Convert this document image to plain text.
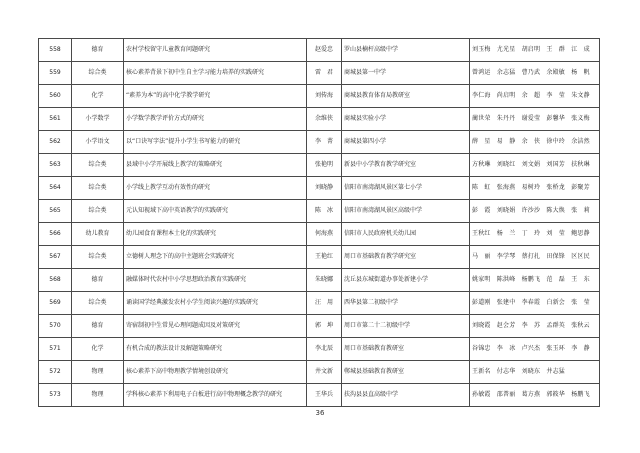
558	德育	农村学校留守儿童教育问题研究	赵爱忠	罗山县楠杆高级中学	刘玉梅　尤光星　胡启明　王　群　江　成
559	综合类	核心素养背景下初中生自主学习能力培养的实践研究	雷　君	商城县第一中学	曾鸿运　余志猛　曹乃武　余殿敏　杨　帆
560	化学	“素养为本”的高中化学教学研究	刘传海	商城县教育体育局教研室	李仁海　尚启明　余　超　李　莹　朱文静
561	小学数学	小学数学教学评价方式的研究	余维侠	商城县实验小学	蔺世荣　朱丹丹　谢爱莹　彭馨华　张义梅
562	小学语文	以“口诀写字法”提升小学生书写能力的研究	李　菁	商城县第四小学	薛　星　易　静　余　侠　徐中玲　余洁然
563	综合类	县域中小学开展线上教学的策略研究	张艳明	新县中小学教育教学研究室	方秋琳　刘晓红　刘文娟　刘国芳　扶秋琳
564	综合类	小学线上教学互动有效性的研究	刘晓静	信阳市南湾湖风景区第七小学	陈　虹　张海燕　易树玲　张桥龙　彭聚芳
565	综合类	元认知视域下高中英语教学的实践研究	陈　冰	信阳市南湾湖风景区高级中学	彭　霞　刘晓娟　许沙沙　陈大焕　张　莉
566	幼儿教育	幼儿园食育课程本土化的实践研究	何海燕	信阳市人民政府机关幼儿园	王秋红　杨　兰　丁　玲　刘　莹　鲍思静
567	综合类	立德树人理念下的高中主题班会实践研究	王艳红	周口市基础教育教学研究室	马　丽　李学琴　蔡打扎　田保锋　区区民
568	德育	融媒体时代农村中小学思想政治教育实践研究	朱晓娜	沈丘县东城街道办事处新建小学	姚家明　陈洪峰　杨鹏飞　范　磊　王　东
569	综合类	诵读国学经典激发农村小学生阅读兴趣的实践研究	汪　用	西华县第二初级中学	彭道刚　张建中　李春霞　白新会　张　莹
570	德育	寄宿制初中生常见心理问题成因及对策研究	郭　坤	周口市第二十二初级中学	刘晓霞　赵会芳　李　苏　孟群英　张秋云
571	化学	有机合成的教法设计及解题策略研究	李北辰	周口市基础教育教研室	谷锦忠　李　冰　卢兴杰　张玉环　李　静
572	物理	核心素养下高中物理教学情境创设研究	井文新	郸城县基础教育教研室	王新名　付志华　刘晓东　井志猛
573	物理	学科核心素养下利用电子白板进行高中物理概念教学的研究	王华兵	扶沟县县直高级中学	孙敏霞　邵普丽　葛方燕　郭筱华　杨鹏飞
36
